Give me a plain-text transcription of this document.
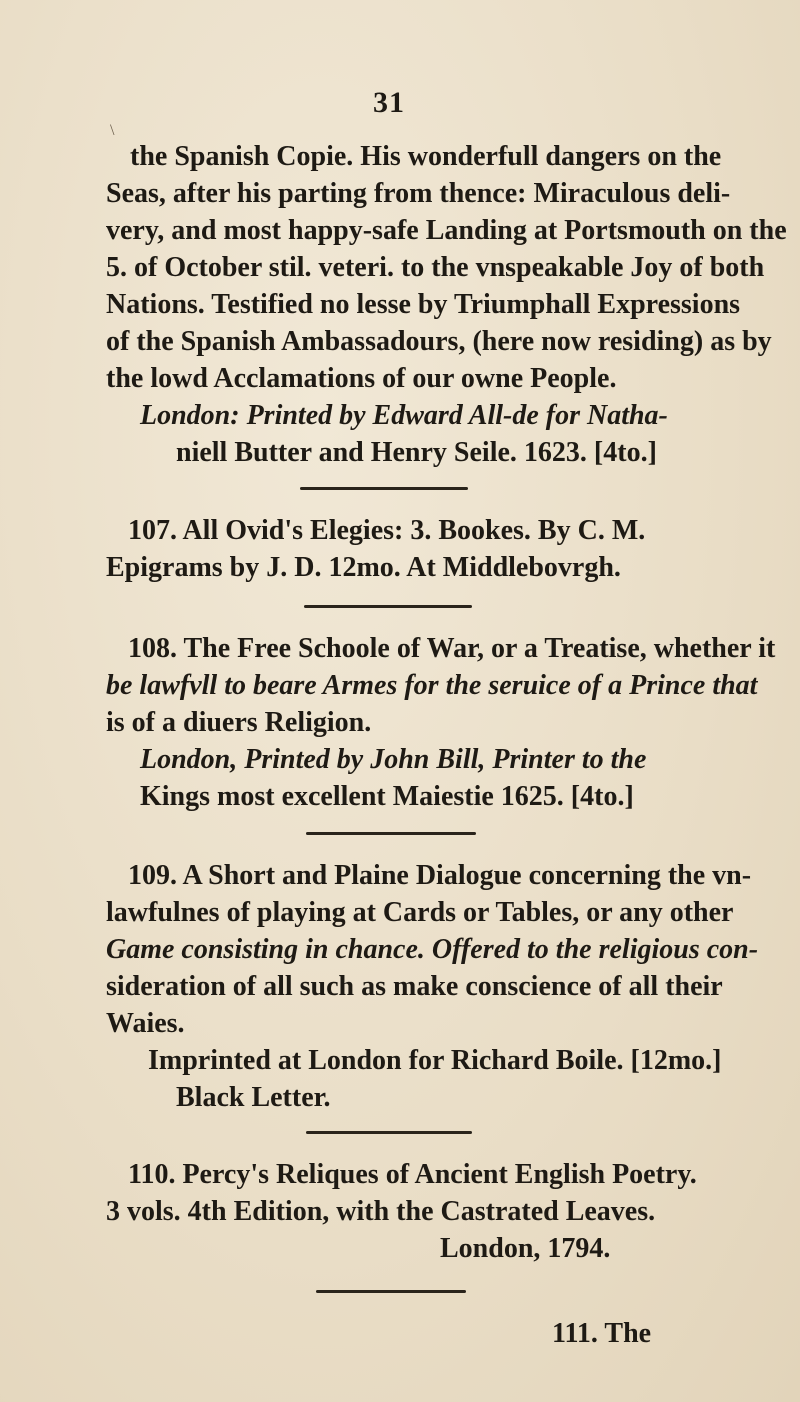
31
\
the Spanish Copie. His wonderfull dangers on the
Seas, after his parting from thence: Miraculous deli-
very, and most happy-safe Landing at Portsmouth on the
5. of October stil. veteri. to the vnspeakable Joy of both
Nations. Testified no lesse by Triumphall Expressions
of the Spanish Ambassadours, (here now residing) as by
the lowd Acclamations of our owne People.
London: Printed by Edward All-de for Natha-
niell Butter and Henry Seile. 1623. [4to.]
107. All Ovid's Elegies: 3. Bookes. By C. M.
Epigrams by J. D. 12mo. At Middlebovrgh.
108. The Free Schoole of War, or a Treatise, whether it
be lawfvll to beare Armes for the seruice of a Prince that
is of a diuers Religion.
London, Printed by John Bill, Printer to the
Kings most excellent Maiestie 1625. [4to.]
109. A Short and Plaine Dialogue concerning the vn-
lawfulnes of playing at Cards or Tables, or any other
Game consisting in chance. Offered to the religious con-
sideration of all such as make conscience of all their
Waies.
Imprinted at London for Richard Boile. [12mo.]
Black Letter.
110. Percy's Reliques of Ancient English Poetry.
3 vols. 4th Edition, with the Castrated Leaves.
London, 1794.
111. The
